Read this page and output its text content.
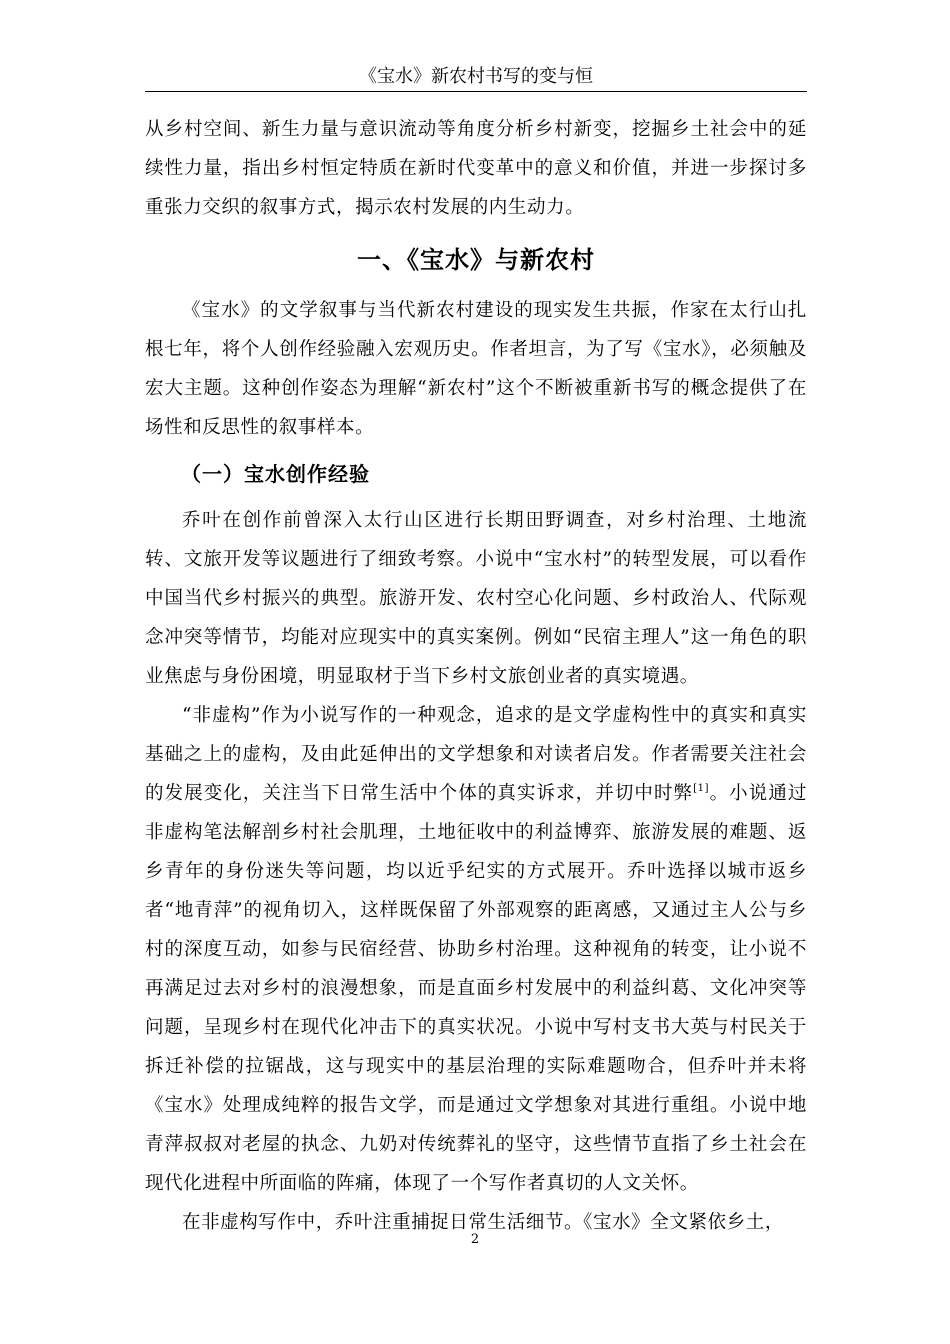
《宝水》新农村书写的变与恒

从乡村空间、新生力量与意识流动等角度分析乡村新变，挖掘乡土社会中的延续性力量，指出乡村恒定特质在新时代变革中的意义和价值，并进一步探讨多重张力交织的叙事方式，揭示农村发展的内生动力。

一、《宝水》与新农村

《宝水》的文学叙事与当代新农村建设的现实发生共振，作家在太行山扎根七年，将个人创作经验融入宏观历史。作者坦言，为了写《宝水》，必须触及宏大主题。这种创作姿态为理解“新农村”这个不断被重新书写的概念提供了在场性和反思性的叙事样本。

（一）宝水创作经验

乔叶在创作前曾深入太行山区进行长期田野调查，对乡村治理、土地流转、文旅开发等议题进行了细致考察。小说中“宝水村”的转型发展，可以看作中国当代乡村振兴的典型。旅游开发、农村空心化问题、乡村政治人、代际观念冲突等情节，均能对应现实中的真实案例。例如“民宿主理人”这一角色的职业焦虑与身份困境，明显取材于当下乡村文旅创业者的真实境遇。

“非虚构”作为小说写作的一种观念，追求的是文学虚构性中的真实和真实基础之上的虚构，及由此延伸出的文学想象和对读者启发。作者需要关注社会的发展变化，关注当下日常生活中个体的真实诉求，并切中时弊[1]。小说通过非虚构笔法解剖乡村社会肌理，土地征收中的利益博弈、旅游发展的难题、返乡青年的身份迷失等问题，均以近乎纪实的方式展开。乔叶选择以城市返乡者“地青萍”的视角切入，这样既保留了外部观察的距离感，又通过主人公与乡村的深度互动，如参与民宿经营、协助乡村治理。这种视角的转变，让小说不再满足过去对乡村的浪漫想象，而是直面乡村发展中的利益纠葛、文化冲突等问题，呈现乡村在现代化冲击下的真实状况。小说中写村支书大英与村民关于拆迁补偿的拉锯战，这与现实中的基层治理的实际难题吻合，但乔叶并未将《宝水》处理成纯粹的报告文学，而是通过文学想象对其进行重组。小说中地青萍叔叔对老屋的执念、九奶对传统葬礼的坚守，这些情节直指了乡土社会在现代化进程中所面临的阵痛，体现了一个写作者真切的人文关怀。

在非虚构写作中，乔叶注重捕捉日常生活细节。《宝水》全文紧依乡土，

2
